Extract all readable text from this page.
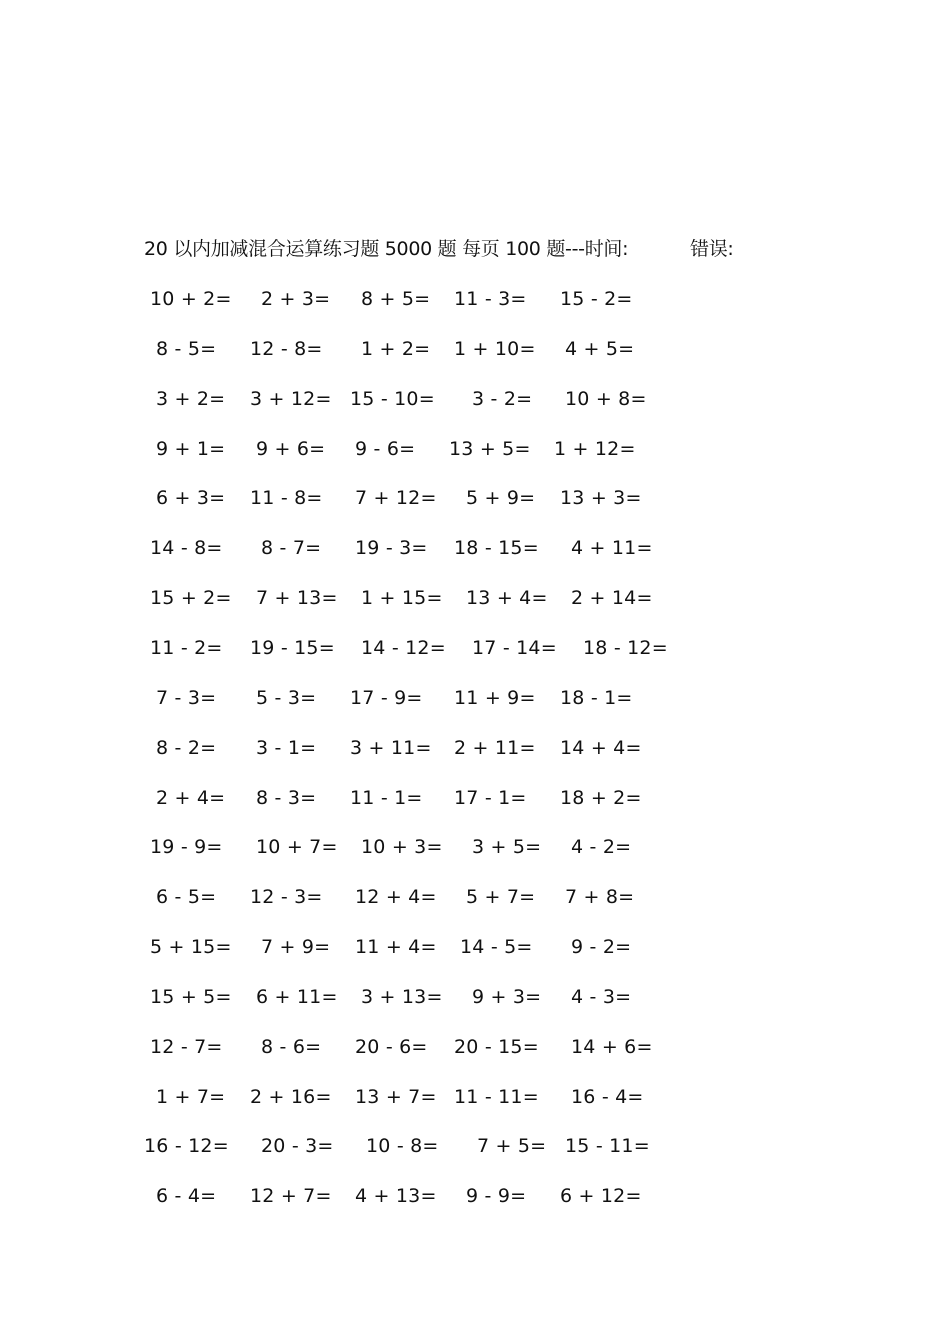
20 以内加减混合运算练习题 5000 题 每页 100 题---时间:	错误:
10 + 2= 2 + 3= 8 + 5= 11 - 3= 15 - 2=
8 - 5= 12 - 8= 1 + 2= 1 + 10= 4 + 5=
3 + 2= 3 + 12= 15 - 10= 3 - 2= 10 + 8=
9 + 1= 9 + 6= 9 - 6= 13 + 5= 1 + 12=
6 + 3= 11 - 8= 7 + 12= 5 + 9= 13 + 3=
14 - 8= 8 - 7= 19 - 3= 18 - 15= 4 + 11=
15 + 2= 7 + 13= 1 + 15= 13 + 4= 2 + 14=
11 - 2= 19 - 15= 14 - 12= 17 - 14= 18 - 12=
7 - 3= 5 - 3= 17 - 9= 11 + 9= 18 - 1=
8 - 2= 3 - 1= 3 + 11= 2 + 11= 14 + 4=
2 + 4= 8 - 3= 11 - 1= 17 - 1= 18 + 2=
19 - 9= 10 + 7= 10 + 3= 3 + 5= 4 - 2=
6 - 5= 12 - 3= 12 + 4= 5 + 7= 7 + 8=
5 + 15= 7 + 9= 11 + 4= 14 - 5= 9 - 2=
15 + 5= 6 + 11= 3 + 13= 9 + 3= 4 - 3=
12 - 7= 8 - 6= 20 - 6= 20 - 15= 14 + 6=
1 + 7= 2 + 16= 13 + 7= 11 - 11= 16 - 4=
16 - 12= 20 - 3= 10 - 8= 7 + 5= 15 - 11=
6 - 4= 12 + 7= 4 + 13= 9 - 9= 6 + 12=
